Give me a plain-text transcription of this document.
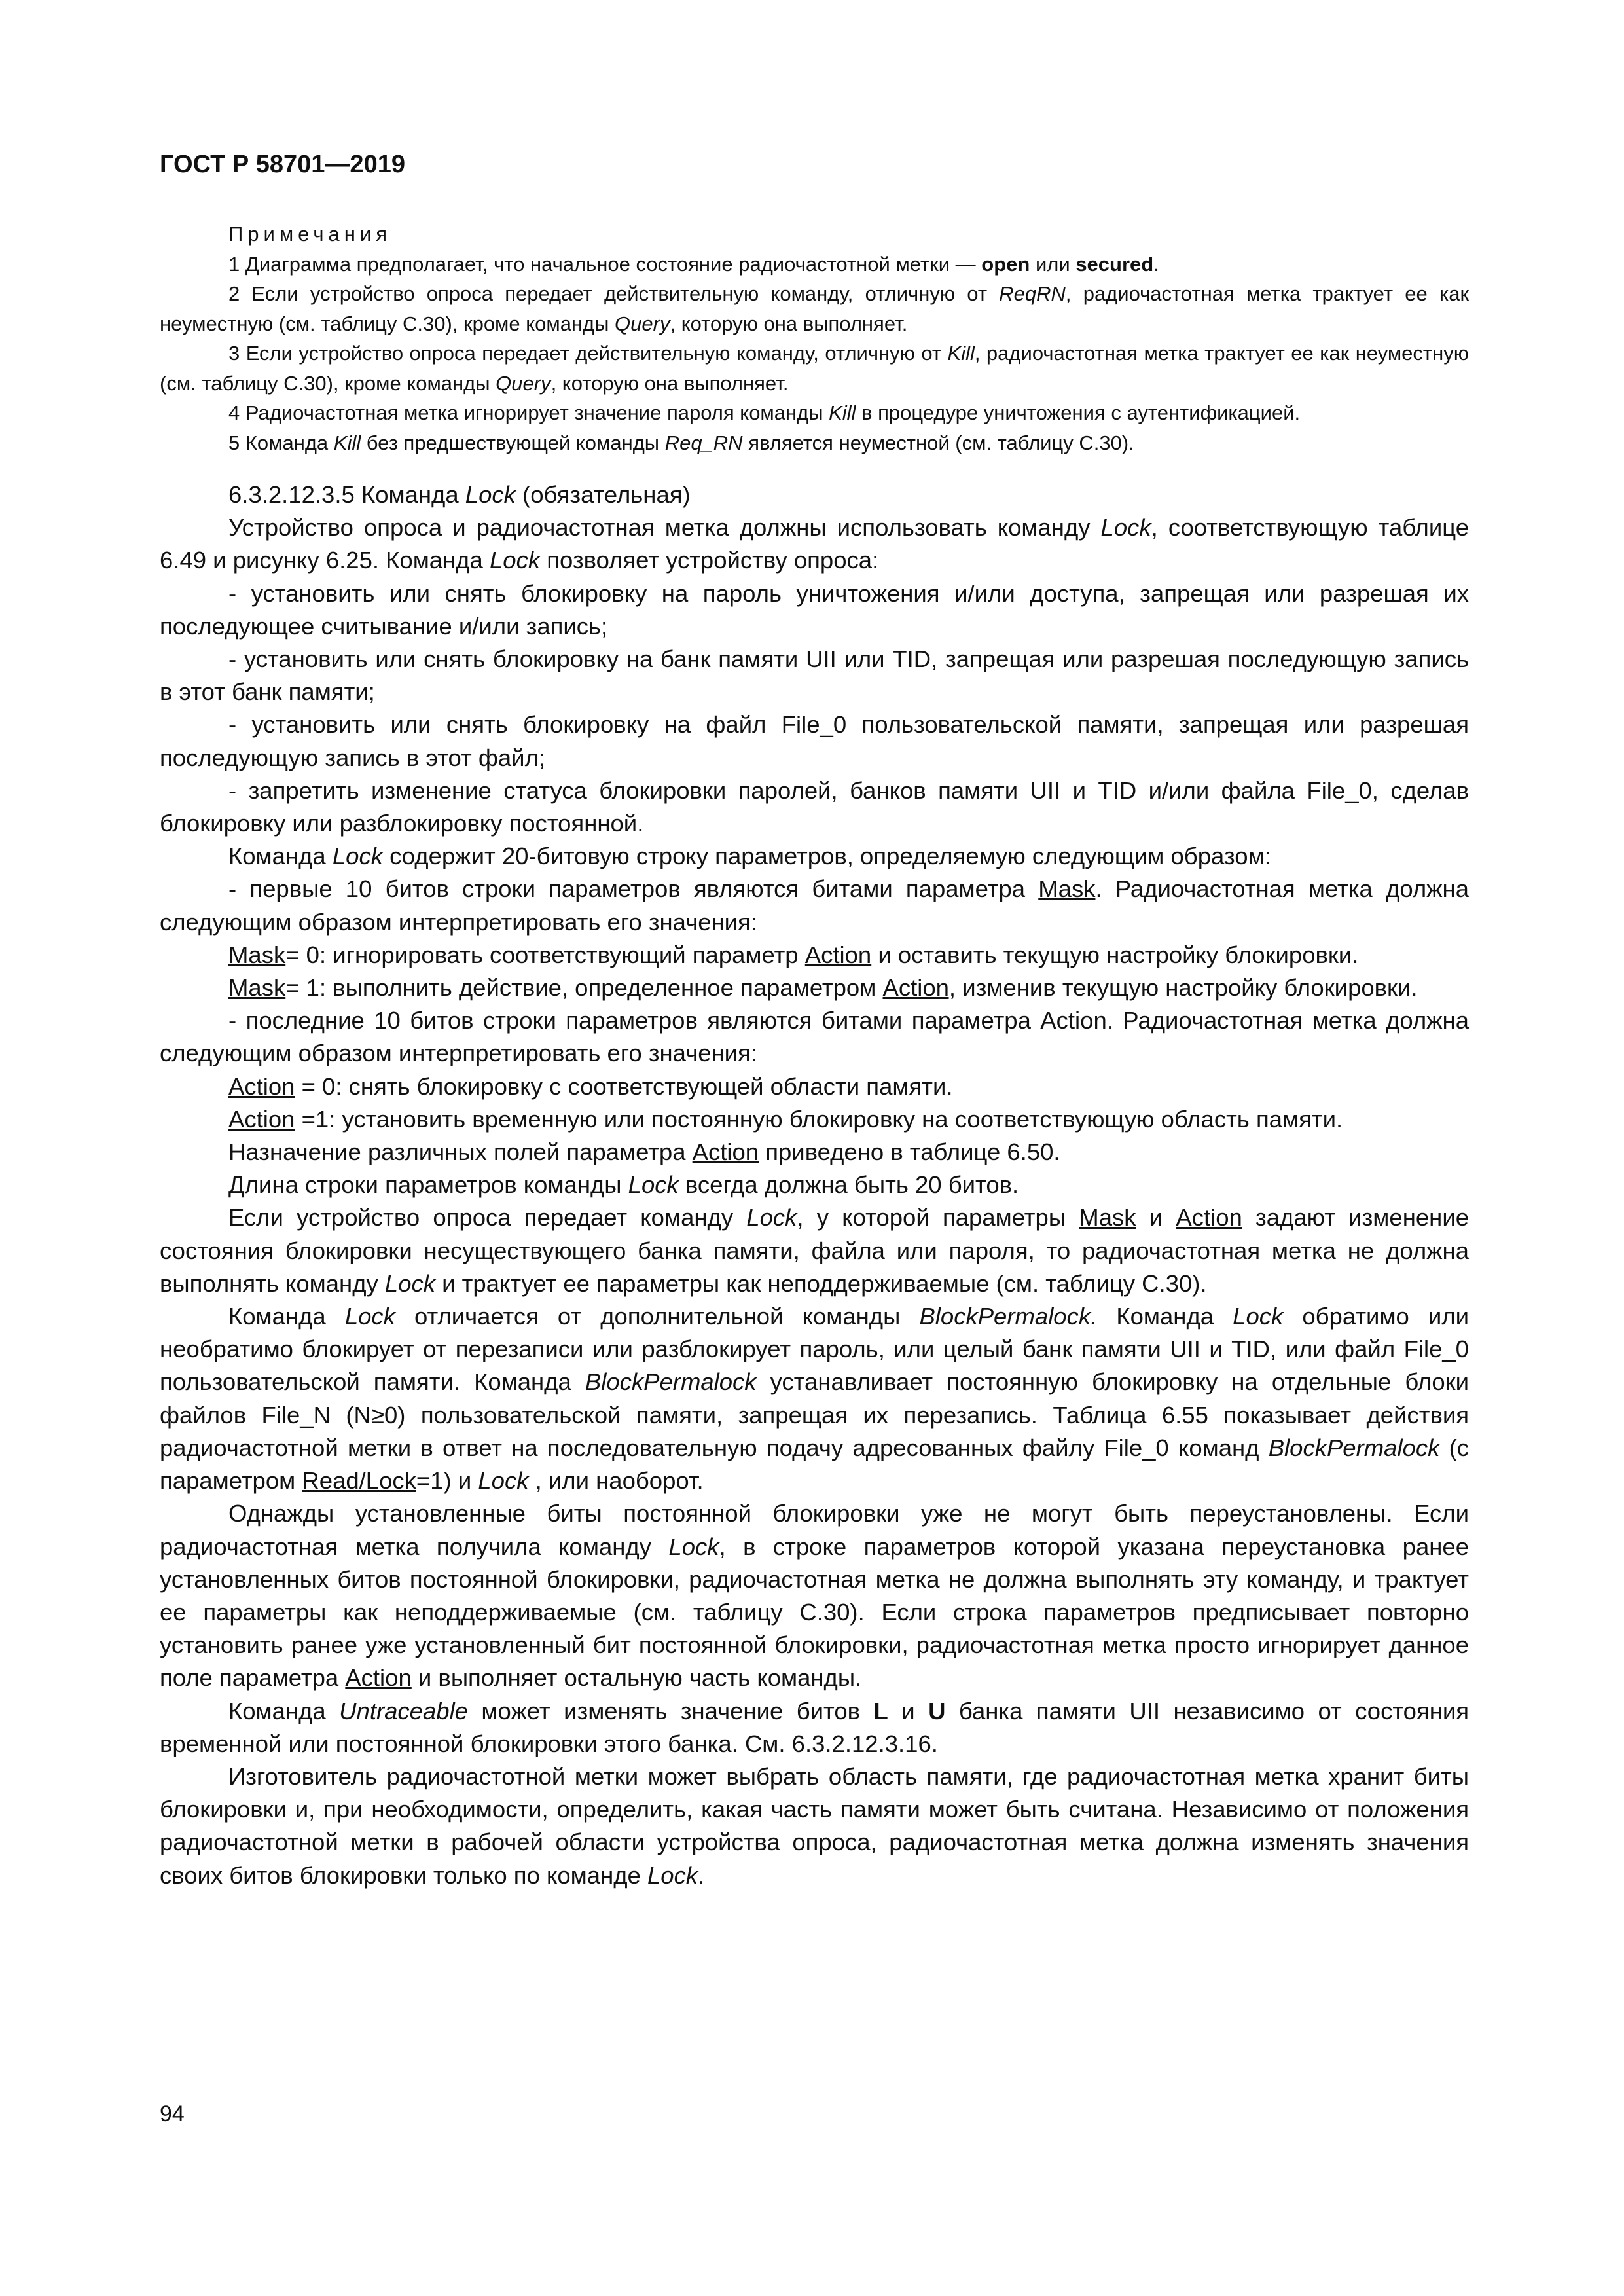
ГОСТ Р 58701—2019

Примечания

1 Диаграмма предполагает, что начальное состояние радиочастотной метки — open или secured.

2 Если устройство опроса передает действительную команду, отличную от ReqRN, радиочастотная метка трактует ее как неуместную (см. таблицу С.30), кроме команды Query, которую она выполняет.

3 Если устройство опроса передает действительную команду, отличную от Kill, радиочастотная метка трактует ее как неуместную (см. таблицу С.30), кроме команды Query, которую она выполняет.

4 Радиочастотная метка игнорирует значение пароля команды Kill в процедуре уничтожения с аутентификацией.

5 Команда Kill без предшествующей команды Req_RN является неуместной (см. таблицу С.30).

6.3.2.12.3.5 Команда Lock (обязательная)

Устройство опроса и радиочастотная метка должны использовать команду Lock, соответствующую таблице 6.49 и рисунку 6.25. Команда Lock позволяет устройству опроса:

- установить или снять блокировку на пароль уничтожения и/или доступа, запрещая или разрешая их последующее считывание и/или запись;

- установить или снять блокировку на банк памяти UII или TID, запрещая или разрешая последующую запись в этот банк памяти;

- установить или снять блокировку на файл File_0 пользовательской памяти, запрещая или разрешая последующую запись в этот файл;

- запретить изменение статуса блокировки паролей, банков памяти UII и TID и/или файла File_0, сделав блокировку или разблокировку постоянной.

Команда Lock содержит 20-битовую строку параметров, определяемую следующим образом:

- первые 10 битов строки параметров являются битами параметра Mask. Радиочастотная метка должна следующим образом интерпретировать его значения:

Mask= 0: игнорировать соответствующий параметр Action и оставить текущую настройку блокировки.

Mask= 1: выполнить действие, определенное параметром Action, изменив текущую настройку блокировки.

- последние 10 битов строки параметров являются битами параметра Action. Радиочастотная метка должна следующим образом интерпретировать его значения:

Action = 0: снять блокировку с соответствующей области памяти.

Action =1: установить временную или постоянную блокировку на соответствующую область памяти.

Назначение различных полей параметра Action приведено в таблице 6.50.

Длина строки параметров команды Lock всегда должна быть 20 битов.

Если устройство опроса передает команду Lock, у которой параметры Mask и Action задают изменение состояния блокировки несуществующего банка памяти, файла или пароля, то радиочастотная метка не должна выполнять команду Lock и трактует ее параметры как неподдерживаемые (см. таблицу С.30).

Команда Lock отличается от дополнительной команды BlockPermalock. Команда Lock обратимо или необратимо блокирует от перезаписи или разблокирует пароль, или целый банк памяти UII и TID, или файл File_0 пользовательской памяти. Команда BlockPermalock устанавливает постоянную блокировку на отдельные блоки файлов File_N (N≥0) пользовательской памяти, запрещая их перезапись. Таблица 6.55 показывает действия радиочастотной метки в ответ на последовательную подачу адресованных файлу File_0 команд BlockPermalock (с параметром Read/Lock=1) и Lock , или наоборот.

Однажды установленные биты постоянной блокировки уже не могут быть переустановлены. Если радиочастотная метка получила команду Lock, в строке параметров которой указана переустановка ранее установленных битов постоянной блокировки, радиочастотная метка не должна выполнять эту команду, и трактует ее параметры как неподдерживаемые (см. таблицу С.30). Если строка параметров предписывает повторно установить ранее уже установленный бит постоянной блокировки, радиочастотная метка просто игнорирует данное поле параметра Action и выполняет остальную часть команды.

Команда Untraceable может изменять значение битов L и U банка памяти UII независимо от состояния временной или постоянной блокировки этого банка. См. 6.3.2.12.3.16.

Изготовитель радиочастотной метки может выбрать область памяти, где радиочастотная метка хранит биты блокировки и, при необходимости, определить, какая часть памяти может быть считана. Независимо от положения радиочастотной метки в рабочей области устройства опроса, радиочастотная метка должна изменять значения своих битов блокировки только по команде Lock.

94
